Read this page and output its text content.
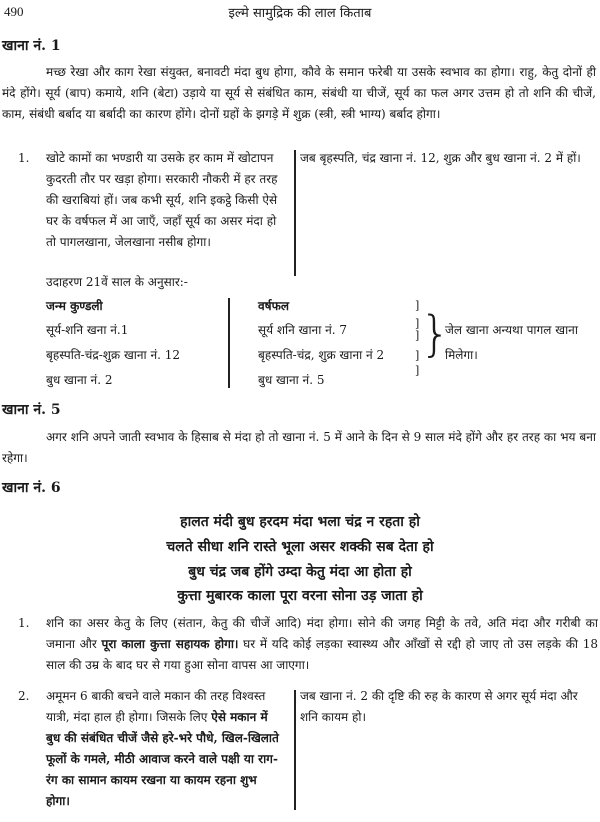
490	इल्मे सामुद्रिक की लाल किताब
खाना नं. 1
मच्छ रेखा और काग रेखा संयुक्त, बनावटी मंदा बुध होगा, कौवे के समान फरेबी या उसके स्वभाव का होगा। राहु, केतु दोनों ही मंदे होंगे। सूर्य (बाप) कमाये, शनि (बेटा) उड़ाये या सूर्य से संबंधित काम, संबंधी या चीजें, सूर्य का फल अगर उत्तम हो तो शनि की चीजें, काम, संबंधी बर्बाद या बर्बादी का कारण होंगे। दोनों ग्रहों के झगड़े में शुक्र (स्त्री, स्त्री भाग्य) बर्बाद होगा।
1. खोटे कामों का भण्डारी या उसके हर काम में खोटापन कुदरती तौर पर खड़ा होगा। सरकारी नौकरी में हर तरह की खराबियां हों। जब कभी सूर्य, शनि इकट्ठे किसी ऐसे घर के वर्षफल में आ जाएँ, जहाँ सूर्य का असर मंदा हो तो पागलखाना, जेलखाना नसीब होगा।
जब बृहस्पति, चंद्र खाना नं. 12, शुक्र और बुध खाना नं. 2 में हों।
उदाहरण 21वें साल के अनुसार:-
जन्म कुण्डली
सूर्य-शनि खना नं.1
बृहस्पति-चंद्र-शुक्र खाना नं. 12
बुध खाना नं. 2
वर्षफल
सूर्य शनि खाना नं. 7
बृहस्पति-चंद्र, शुक्र खाना नं 2
बुध खाना नं. 5
]
]
]
]
]
}
जेल खाना अन्यथा पागल खाना
मिलेगा।
खाना नं. 5
अगर शनि अपने जाती स्वभाव के हिसाब से मंदा हो तो खाना नं. 5 में आने के दिन से 9 साल मंदे होंगे और हर तरह का भय बना रहेगा।
खाना नं. 6
हालत मंदी बुध हरदम मंदा भला चंद्र न रहता हो
चलते सीधा शनि रास्ते भूला असर शक्की सब देता हो
बुध चंद्र जब होंगे उम्दा केतु मंदा आ होता हो
कुत्ता मुबारक काला पूरा वरना सोना उड़ जाता हो
1. शनि का असर केतु के लिए (संतान, केतु की चीजें आदि) मंदा होगा। सोने की जगह मिट्टी के तवे, अति मंदा और गरीबी का जमाना और पूरा काला कुत्ता सहायक होगा। घर में यदि कोई लड़का स्वास्थ्य और आँखों से रद्दी हो जाए तो उस लड़के की 18 साल की उम्र के बाद घर से गया हुआ सोना वापस आ जाएगा।
2. अमूमन 6 बाकी बचने वाले मकान की तरह विश्वस्त यात्री, मंदा हाल ही होगा। जिसके लिए ऐसे मकान में बुध की संबंधित चीजें जैसे हरे-भरे पौधे, खिल-खिलाते फूलों के गमले, मीठी आवाज करने वाले पक्षी या राग-रंग का सामान कायम रखना या कायम रहना शुभ होगा।
जब खाना नं. 2 की दृष्टि की रुह के कारण से अगर सूर्य मंदा और शनि कायम हो।
